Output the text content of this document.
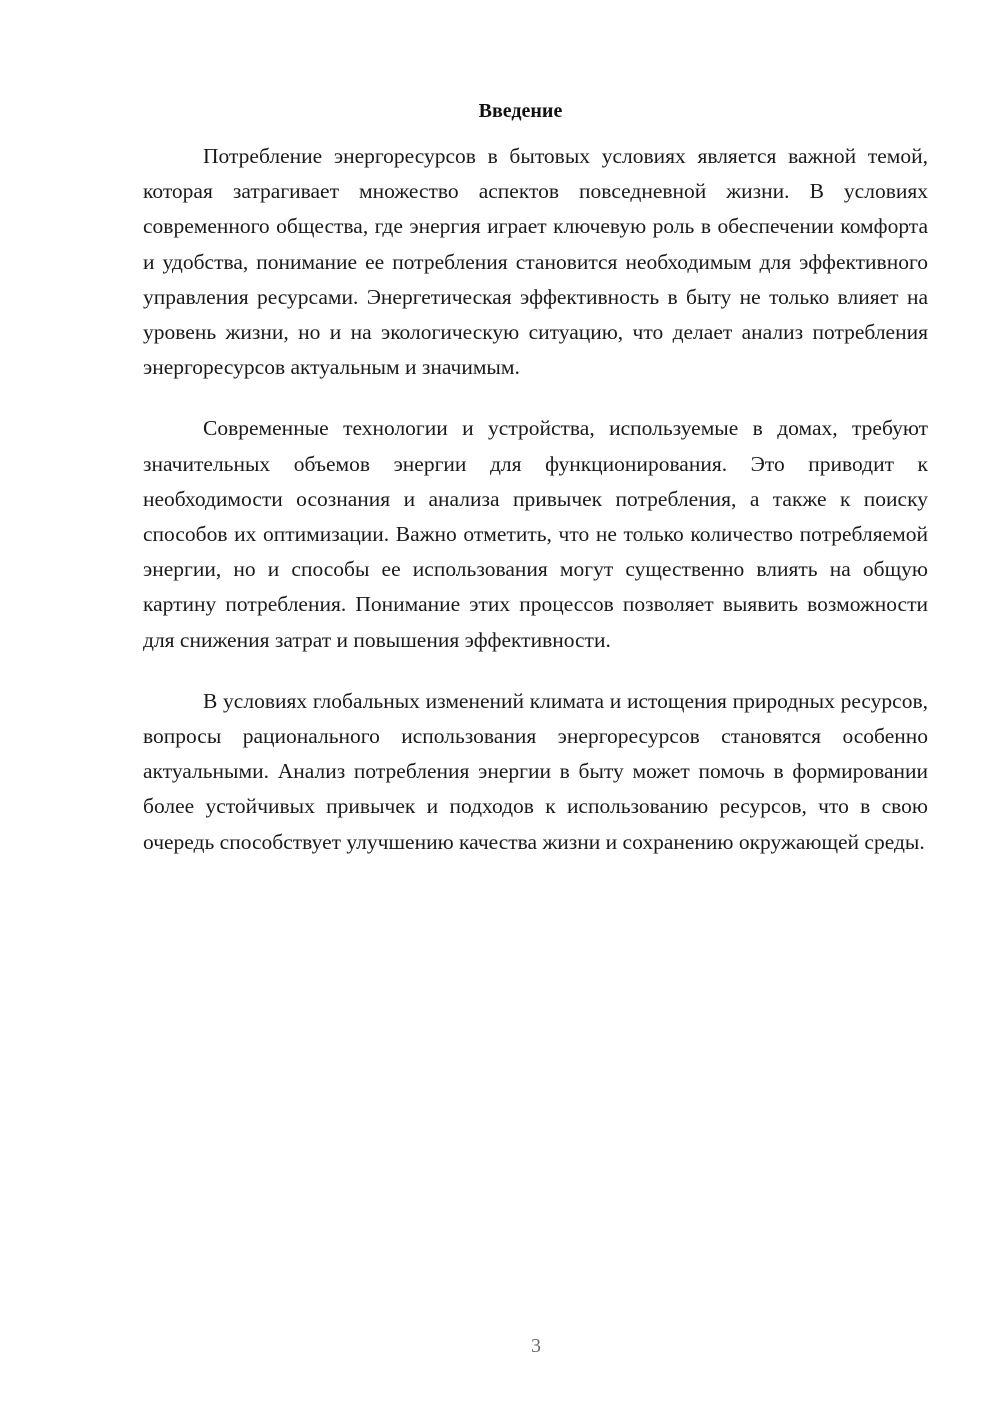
Введение

Потребление энергоресурсов в бытовых условиях является важной темой, которая затрагивает множество аспектов повседневной жизни. В условиях современного общества, где энергия играет ключевую роль в обеспечении комфорта и удобства, понимание ее потребления становится необходимым для эффективного управления ресурсами. Энергетическая эффективность в быту не только влияет на уровень жизни, но и на экологическую ситуацию, что делает анализ потребления энергоресурсов актуальным и значимым.

Современные технологии и устройства, используемые в домах, требуют значительных объемов энергии для функционирования. Это приводит к необходимости осознания и анализа привычек потребления, а также к поиску способов их оптимизации. Важно отметить, что не только количество потребляемой энергии, но и способы ее использования могут существенно влиять на общую картину потребления. Понимание этих процессов позволяет выявить возможности для снижения затрат и повышения эффективности.

В условиях глобальных изменений климата и истощения природных ресурсов, вопросы рационального использования энергоресурсов становятся особенно актуальными. Анализ потребления энергии в быту может помочь в формировании более устойчивых привычек и подходов к использованию ресурсов, что в свою очередь способствует улучшению качества жизни и сохранению окружающей среды.

3
